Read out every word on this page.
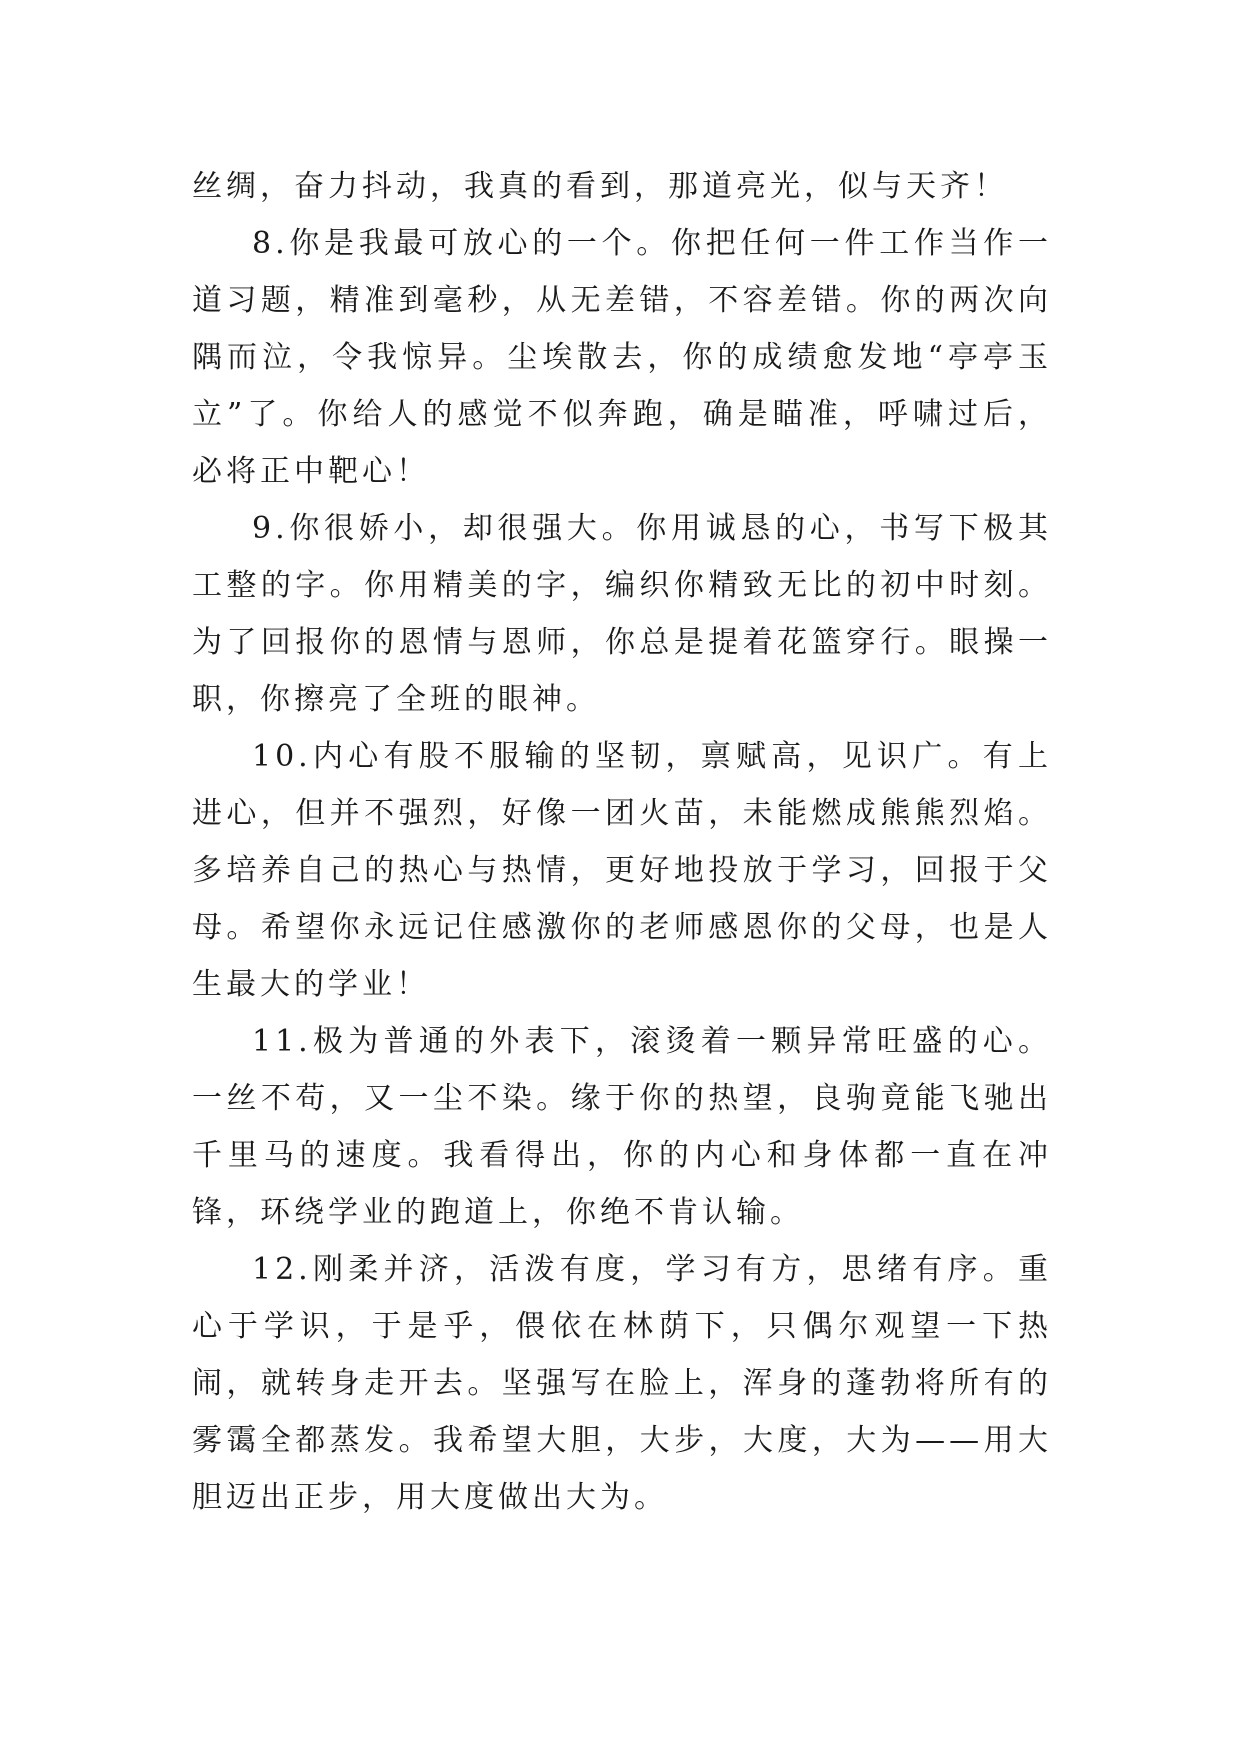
丝绸，奋力抖动，我真的看到，那道亮光，似与天齐！

8.你是我最可放心的一个。你把任何一件工作当作一道习题，精准到毫秒，从无差错，不容差错。你的两次向隅而泣，令我惊异。尘埃散去，你的成绩愈发地“亭亭玉立”了。你给人的感觉不似奔跑，确是瞄准，呼啸过后，必将正中靶心！

9.你很娇小，却很强大。你用诚恳的心，书写下极其工整的字。你用精美的字，编织你精致无比的初中时刻。为了回报你的恩情与恩师，你总是提着花篮穿行。眼操一职，你擦亮了全班的眼神。

10.内心有股不服输的坚韧，禀赋高，见识广。有上进心，但并不强烈，好像一团火苗，未能燃成熊熊烈焰。多培养自己的热心与热情，更好地投放于学习，回报于父母。希望你永远记住感激你的老师感恩你的父母，也是人生最大的学业！

11.极为普通的外表下，滚烫着一颗异常旺盛的心。一丝不苟，又一尘不染。缘于你的热望，良驹竟能飞驰出千里马的速度。我看得出，你的内心和身体都一直在冲锋，环绕学业的跑道上，你绝不肯认输。

12.刚柔并济，活泼有度，学习有方，思绪有序。重心于学识，于是乎，偎依在林荫下，只偶尔观望一下热闹，就转身走开去。坚强写在脸上，浑身的蓬勃将所有的雾霭全都蒸发。我希望大胆，大步，大度，大为——用大胆迈出正步，用大度做出大为。
